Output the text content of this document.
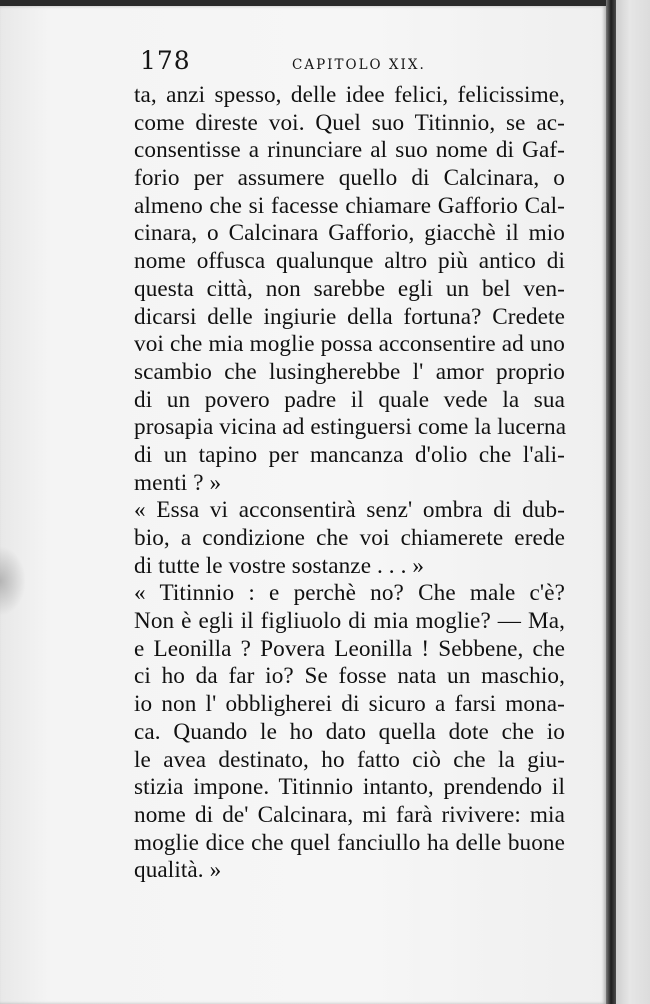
178	CAPITOLO XIX.
ta, anzi spesso, delle idee felici, felicissime,
come direste voi. Quel suo Titinnio, se ac-
consentisse a rinunciare al suo nome di Gaf-
forio per assumere quello di Calcinara, o
almeno che si facesse chiamare Gafforio Cal-
cinara, o Calcinara Gafforio, giacchè il mio
nome offusca qualunque altro più antico di
questa città, non sarebbe egli un bel ven-
dicarsi delle ingiurie della fortuna? Credete
voi che mia moglie possa acconsentire ad uno
scambio che lusingherebbe l' amor proprio
di un povero padre il quale vede la sua
prosapia vicina ad estinguersi come la lucerna
di un tapino per mancanza d'olio che l'ali-
menti ? »
« Essa vi acconsentirà senz' ombra di dub-
bio, a condizione che voi chiamerete erede
di tutte le vostre sostanze . . . »
« Titinnio : e perchè no? Che male c'è?
Non è egli il figliuolo di mia moglie? — Ma,
e Leonilla ? Povera Leonilla ! Sebbene, che
ci ho da far io? Se fosse nata un maschio,
io non l' obbligherei di sicuro a farsi mona-
ca. Quando le ho dato quella dote che io
le avea destinato, ho fatto ciò che la giu-
stizia impone. Titinnio intanto, prendendo il
nome di de' Calcinara, mi farà rivivere: mia
moglie dice che quel fanciullo ha delle buone
qualità. »
